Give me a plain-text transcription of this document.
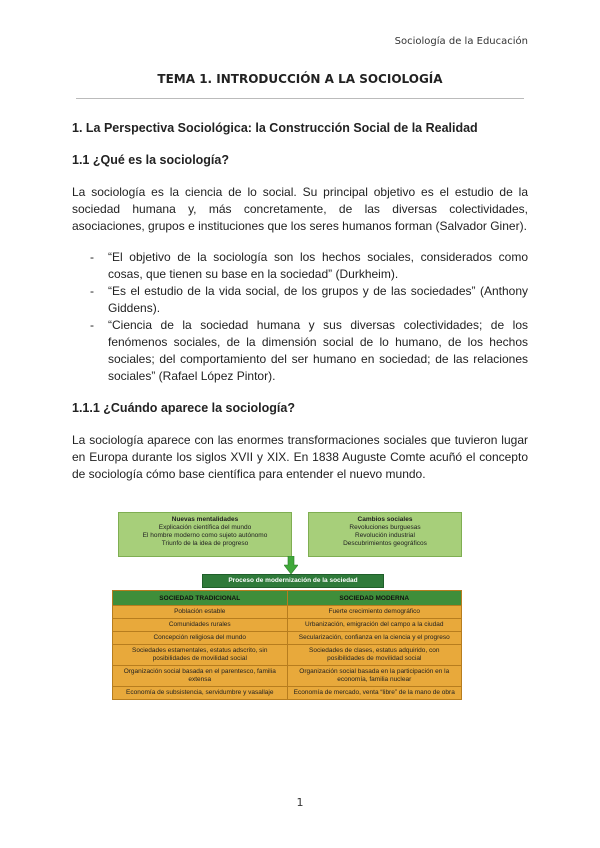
Sociología de la Educación
TEMA 1. INTRODUCCIÓN A LA SOCIOLOGÍA
1. La Perspectiva Sociológica: la Construcción Social de la Realidad
1.1 ¿Qué es la sociología?

La sociología es la ciencia de lo social. Su principal objetivo es el estudio de la sociedad humana y, más concretamente, de las diversas colectividades, asociaciones, grupos e instituciones que los seres humanos forman (Salvador Giner).

- “El objetivo de la sociología son los hechos sociales, considerados como cosas, que tienen su base en la sociedad” (Durkheim).
- “Es el estudio de la vida social, de los grupos y de las sociedades” (Anthony Giddens).
- “Ciencia de la sociedad humana y sus diversas colectividades; de los fenómenos sociales, de la dimensión social de lo humano, de los hechos sociales; del comportamiento del ser humano en sociedad; de las relaciones sociales” (Rafael López Pintor).
1.1.1 ¿Cuándo aparece la sociología?

La sociología aparece con las enormes transformaciones sociales que tuvieron lugar en Europa durante los siglos XVII y XIX. En 1838 Auguste Comte acuñó el concepto de sociología cómo base científica para entender el nuevo mundo.

Nuevas mentalidades
Explicación científica del mundo
El hombre moderno como sujeto autónomo
Triunfo de la idea de progreso
Cambios sociales
Revoluciones burguesas
Revolución industrial
Descubrimientos geográficos
Proceso de modernización de la sociedad
SOCIEDAD TRADICIONAL	SOCIEDAD MODERNA
Población estable	Fuerte crecimiento demográfico
Comunidades rurales	Urbanización, emigración del campo a la ciudad
Concepción religiosa del mundo	Secularización, confianza en la ciencia y el progreso
Sociedades estamentales, estatus adscrito, sin posibilidades de movilidad social	Sociedades de clases, estatus adquirido, con posibilidades de movilidad social
Organización social basada en el parentesco, familia extensa	Organización social basada en la participación en la economía, familia nuclear
Economía de subsistencia, servidumbre y vasallaje	Economía de mercado, venta “libre” de la mano de obra
1
